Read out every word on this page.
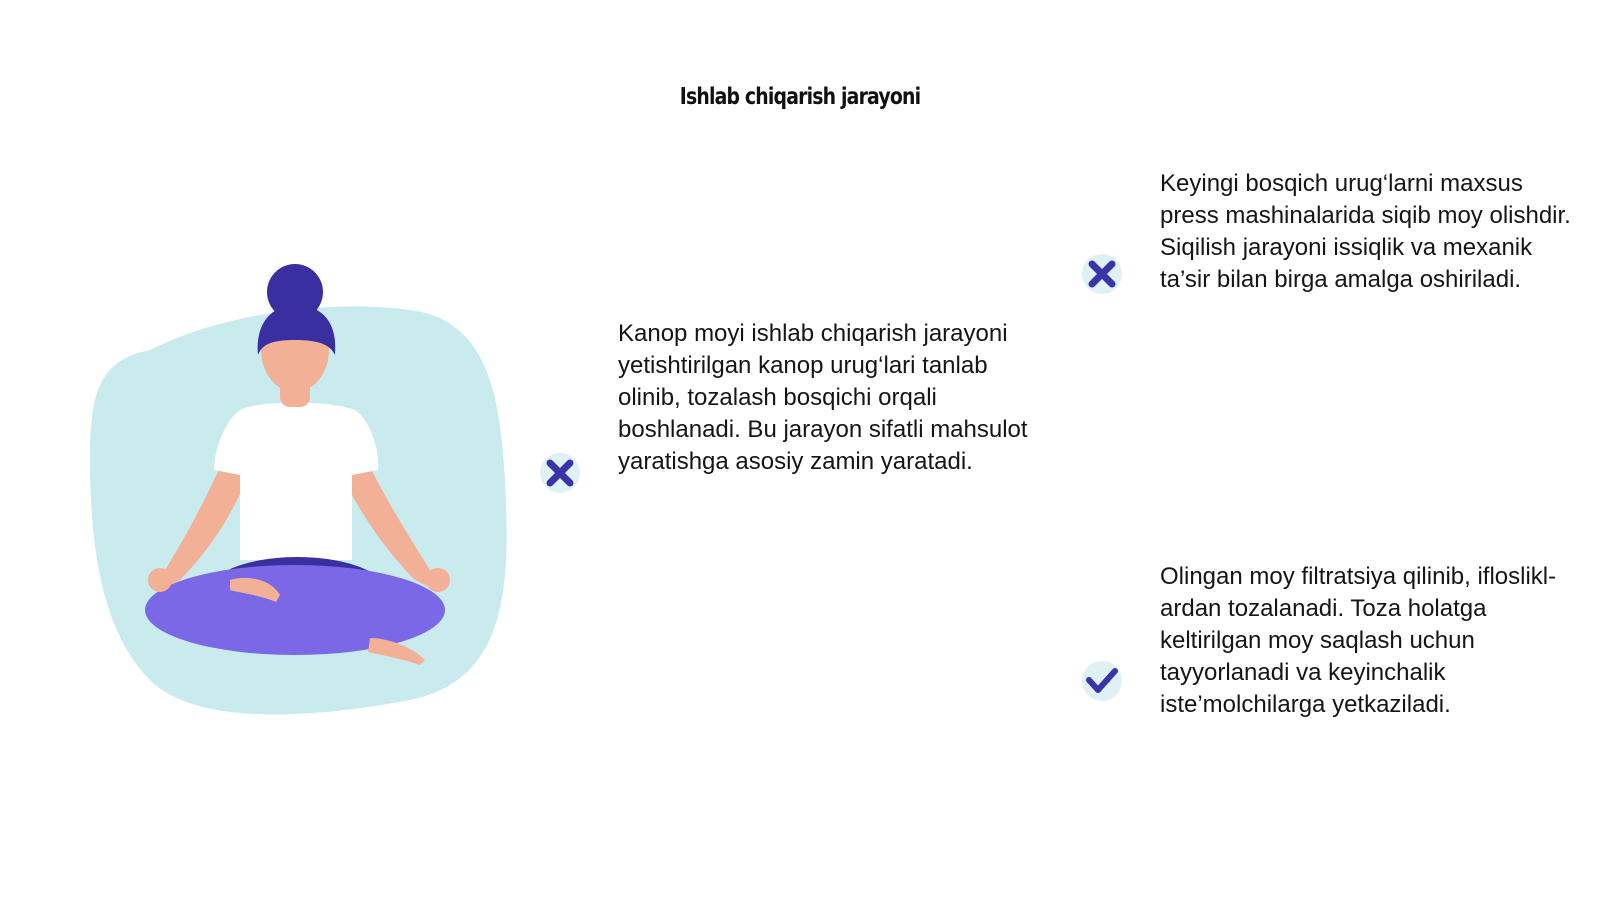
Ishlab chiqarish jarayoni
Kanop moyi ishlab chiqarish jarayoni yetishtirilgan kanop urug‘lari tanlab olinib, tozalash bosqichi orqali boshlanadi. Bu jarayon sifatli mahsulot yaratishga asosiy zamin yaratadi.
Keyingi bosqich urug‘larni maxsus press mashinalarida siqib moy olishdir. Siqilish jarayoni issiqlik va mexanik ta’sir bilan birga amalga oshiriladi.
Olingan moy filtratsiya qilinib, iflosliklardan tozalanadi. Toza holatga keltirilgan moy saqlash uchun tayyorlanadi va keyinchalik iste’molchilarga yetkaziladi.
